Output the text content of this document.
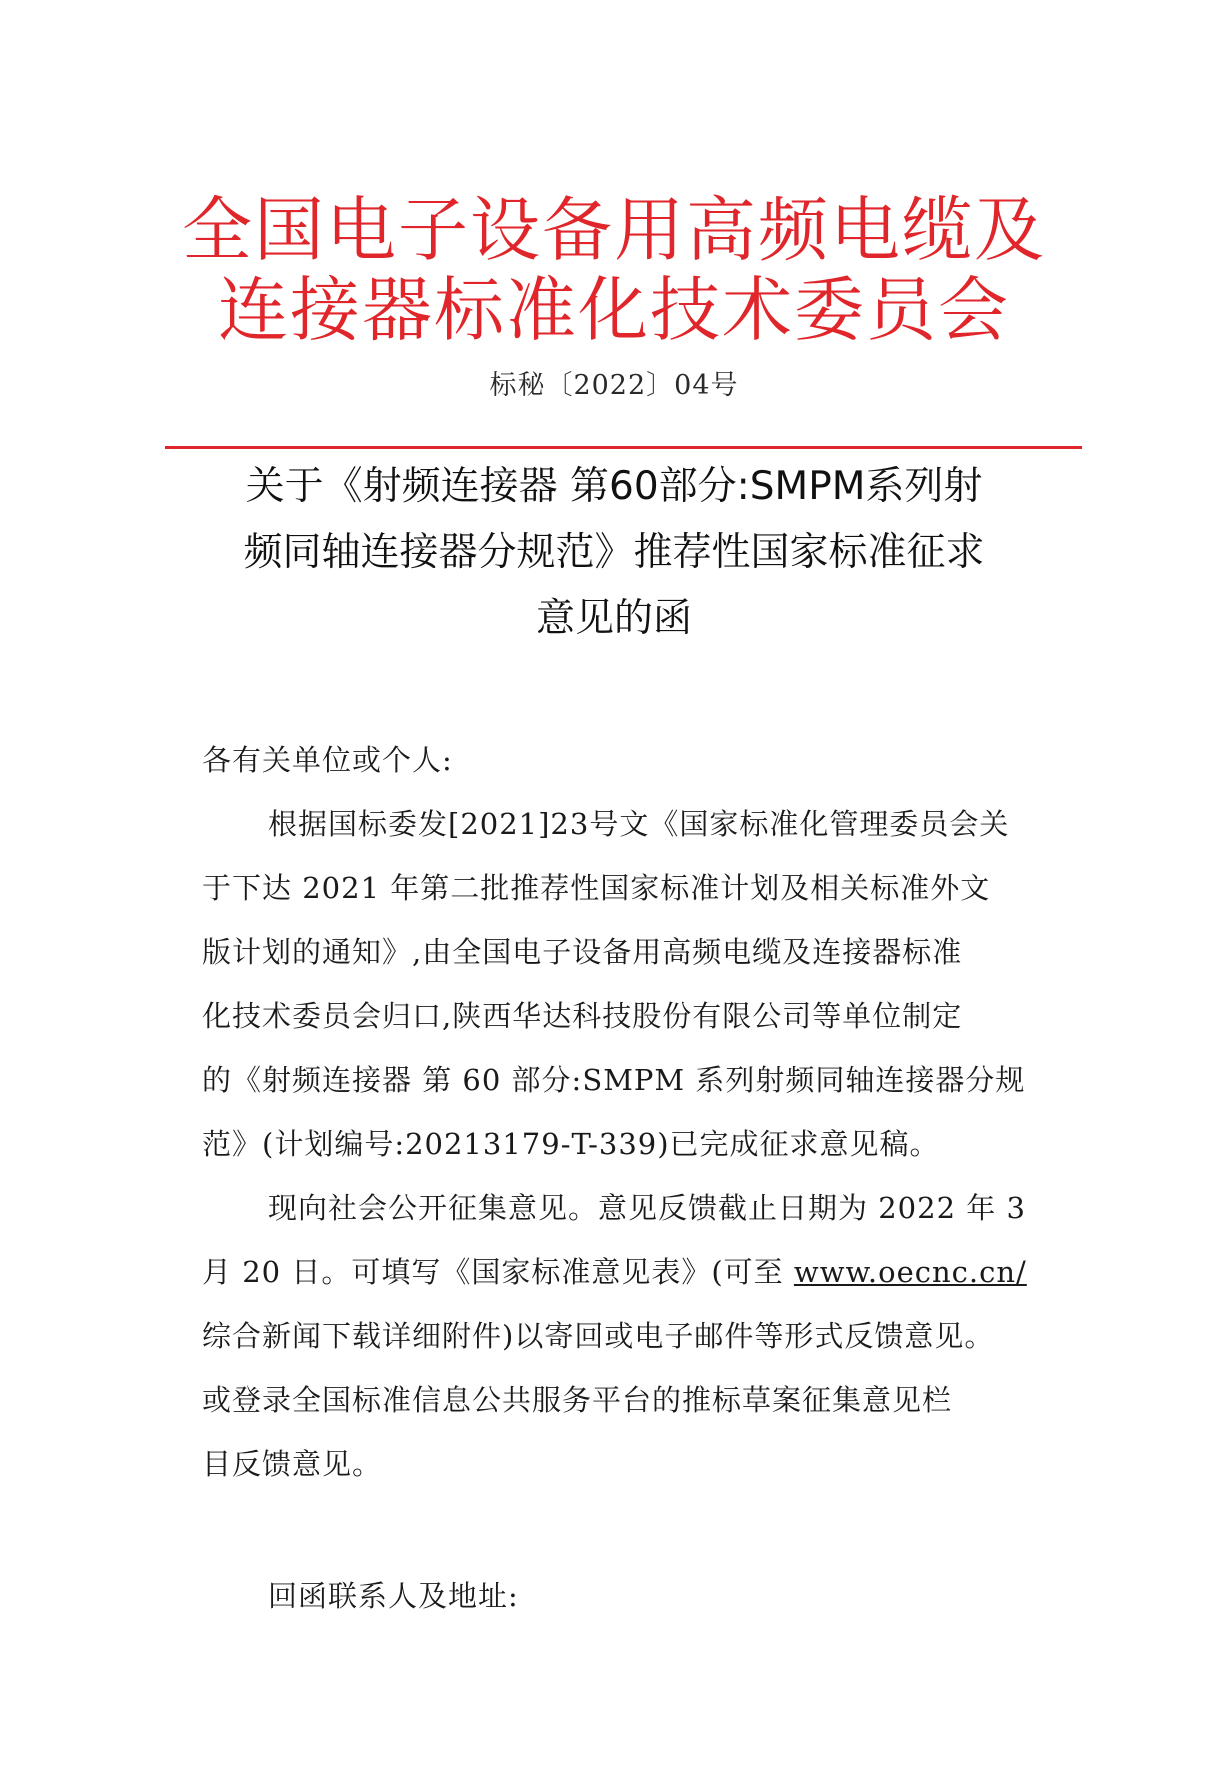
全国电子设备用高频电缆及
连接器标准化技术委员会
标秘〔2022〕04号
关于《射频连接器 第60部分:SMPM系列射
频同轴连接器分规范》推荐性国家标准征求
意见的函
各有关单位或个人:
根据国标委发[2021]23号文《国家标准化管理委员会关
于下达 2021 年第二批推荐性国家标准计划及相关标准外文
版计划的通知》,由全国电子设备用高频电缆及连接器标准
化技术委员会归口,陕西华达科技股份有限公司等单位制定
的《射频连接器 第 60 部分:SMPM 系列射频同轴连接器分规
范》(计划编号:20213179-T-339)已完成征求意见稿。
现向社会公开征集意见。意见反馈截止日期为 2022 年 3
月 20 日。可填写《国家标准意见表》(可至 www.oecnc.cn/
综合新闻下载详细附件)以寄回或电子邮件等形式反馈意见。
或登录全国标准信息公共服务平台的推标草案征集意见栏
目反馈意见。
回函联系人及地址:
